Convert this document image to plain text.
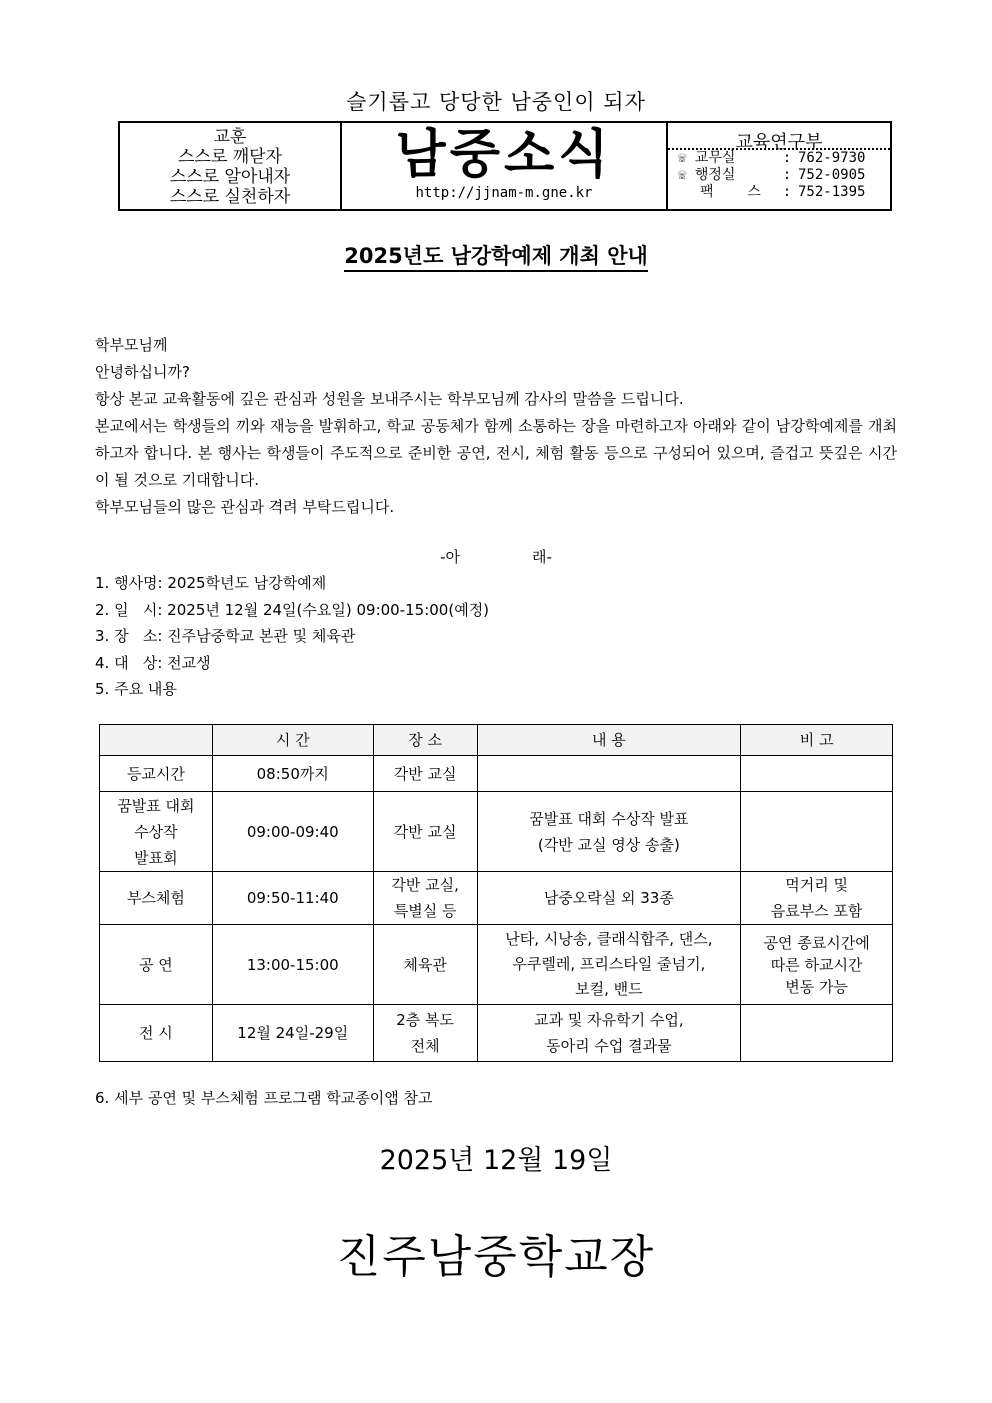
슬기롭고 당당한 남중인이 되자
교훈
스스로 깨닫자
스스로 알아내자
스스로 실천하자
남중소식
http://jjnam-m.gne.kr
교육연구부
☏ 교무실	: 762-9730
☏ 행정실	: 752-0905
팩    스	: 752-1395
2025년도 남강학예제 개최 안내

학부모님께

안녕하십니까?

항상 본교 교육활동에 깊은 관심과 성원을 보내주시는 학부모님께 감사의 말씀을 드립니다.

본교에서는 학생들의 끼와 재능을 발휘하고, 학교 공동체가 함께 소통하는 장을 마련하고자 아래와 같이 남강학예제를 개최하고자 합니다. 본 행사는 학생들이 주도적으로 준비한 공연, 전시, 체험 활동 등으로 구성되어 있으며, 즐겁고 뜻깊은 시간이 될 것으로 기대합니다.

학부모님들의 많은 관심과 격려 부탁드립니다.

-아	래-
1. 행사명: 2025학년도 남강학예제
2. 일   시: 2025년 12월 24일(수요일) 09:00-15:00(예정)
3. 장   소: 진주남중학교 본관 및 체육관
4. 대   상: 전교생
5. 주요 내용
	시 간	장 소	내 용	비 고
등교시간	08:50까지	각반 교실		
꿈발표 대회
수상작
발표회	09:00-09:40	각반 교실	꿈발표 대회 수상작 발표
(각반 교실 영상 송출)	
부스체험	09:50-11:40	각반 교실,
특별실 등	남중오락실 외 33종	먹거리 및
음료부스 포함
공 연	13:00-15:00	체육관	난타, 시낭송, 클래식합주, 댄스,
우쿠렐레, 프리스타일 줄넘기,
보컬, 밴드	공연 종료시간에
따른 하교시간
변동 가능
전 시	12월 24일-29일	2층 복도
전체	교과 및 자유학기 수업,
동아리 수업 결과물	
6. 세부 공연 및 부스체험 프로그램 학교종이앱 참고
2025년 12월 19일
진주남중학교장
